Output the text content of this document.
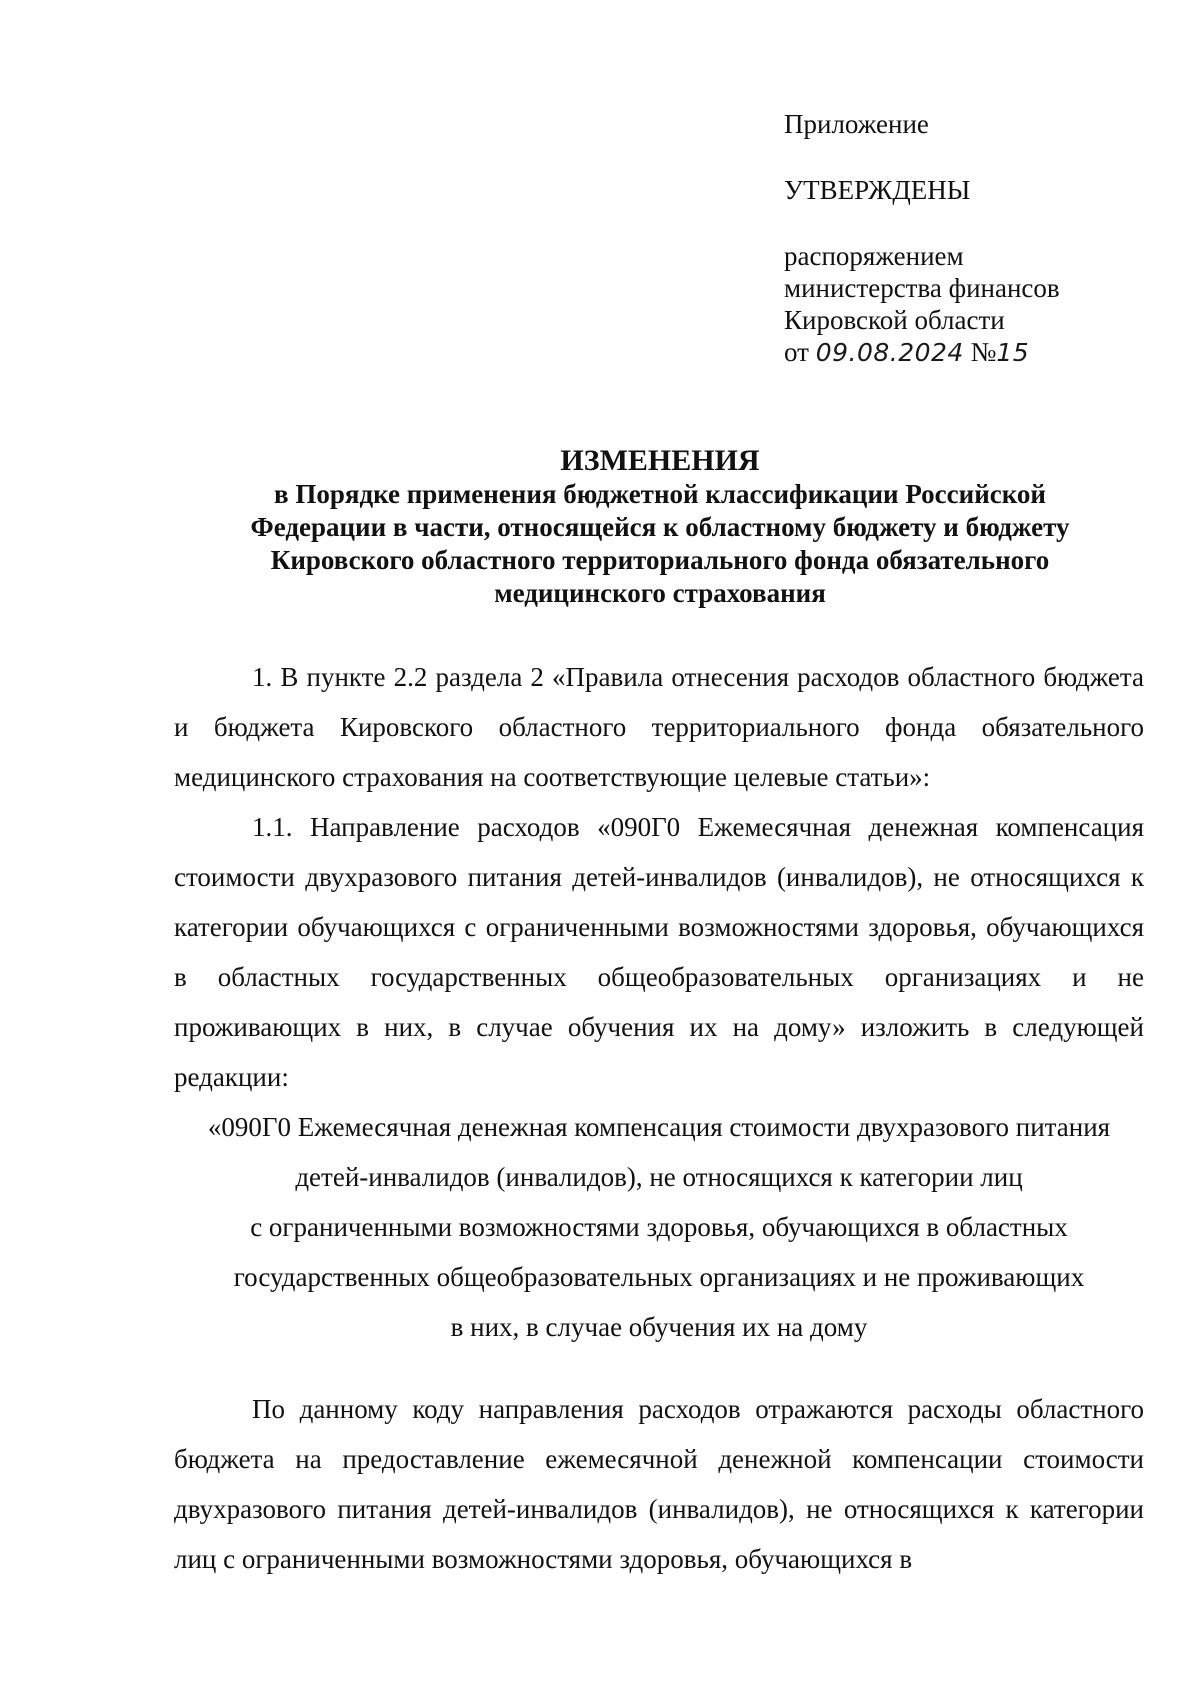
Приложение
УТВЕРЖДЕНЫ
распоряжением
министерства финансов
Кировской области
от 09.08.2024 №15
ИЗМЕНЕНИЯ
в Порядке применения бюджетной классификации Российской
Федерации в части, относящейся к областному бюджету и бюджету
Кировского областного территориального фонда обязательного
медицинского страхования

1. В пункте 2.2 раздела 2 «Правила отнесения расходов областного бюджета и бюджета Кировского областного территориального фонда обязательного медицинского страхования на соответствующие целевые статьи»:

1.1. Направление расходов «090Г0 Ежемесячная денежная компенсация стоимости двухразового питания детей-инвалидов (инвалидов), не относящихся к категории обучающихся с ограниченными возможностями здоровья, обучающихся в областных государственных общеобразовательных организациях и не проживающих в них, в случае обучения их на дому» изложить в следующей редакции:

«090Г0 Ежемесячная денежная компенсация стоимости двухразового питания

детей-инвалидов (инвалидов), не относящихся к категории лиц

с ограниченными возможностями здоровья, обучающихся в областных

государственных общеобразовательных организациях и не проживающих

в них, в случае обучения их на дому

По данному коду направления расходов отражаются расходы областного бюджета на предоставление ежемесячной денежной компенсации стоимости двухразового питания детей-инвалидов (инвалидов), не относящихся к категории лиц с ограниченными возможностями здоровья, обучающихся в
